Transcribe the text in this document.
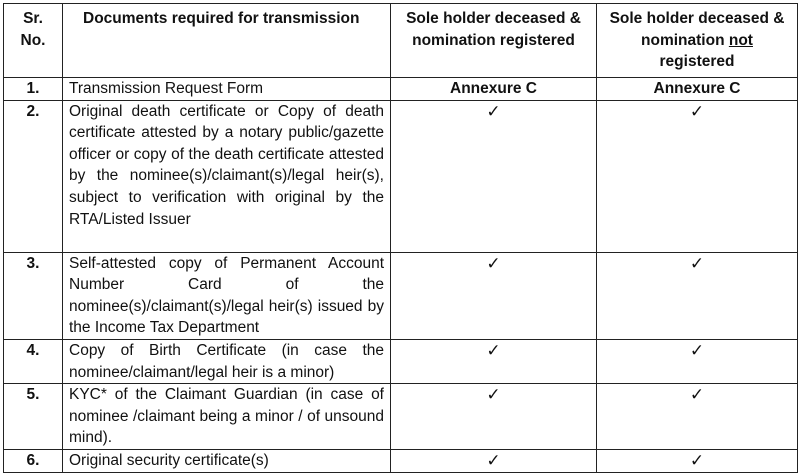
Sr.
No.	Documents required for transmission	Sole holder deceased & nomination registered	Sole holder deceased & nomination not registered
1.	Transmission Request Form	Annexure C	Annexure C
2.	Original death certificate or Copy of death certificate attested by a notary public/gazette officer or copy of the death certificate attested by the nominee(s)/claimant(s)/legal heir(s), subject to verification with original by the RTA/Listed Issuer	✓	✓
3.	Self-attested copy of Permanent Account Number Card of the nominee(s)/claimant(s)/legal heir(s) issued by the Income Tax Department	✓	✓
4.	Copy of Birth Certificate (in case the nominee/claimant/legal heir is a minor)	✓	✓
5.	KYC* of the Claimant Guardian (in case of nominee /claimant being a minor / of unsound mind).	✓	✓
6.	Original security certificate(s)	✓	✓
